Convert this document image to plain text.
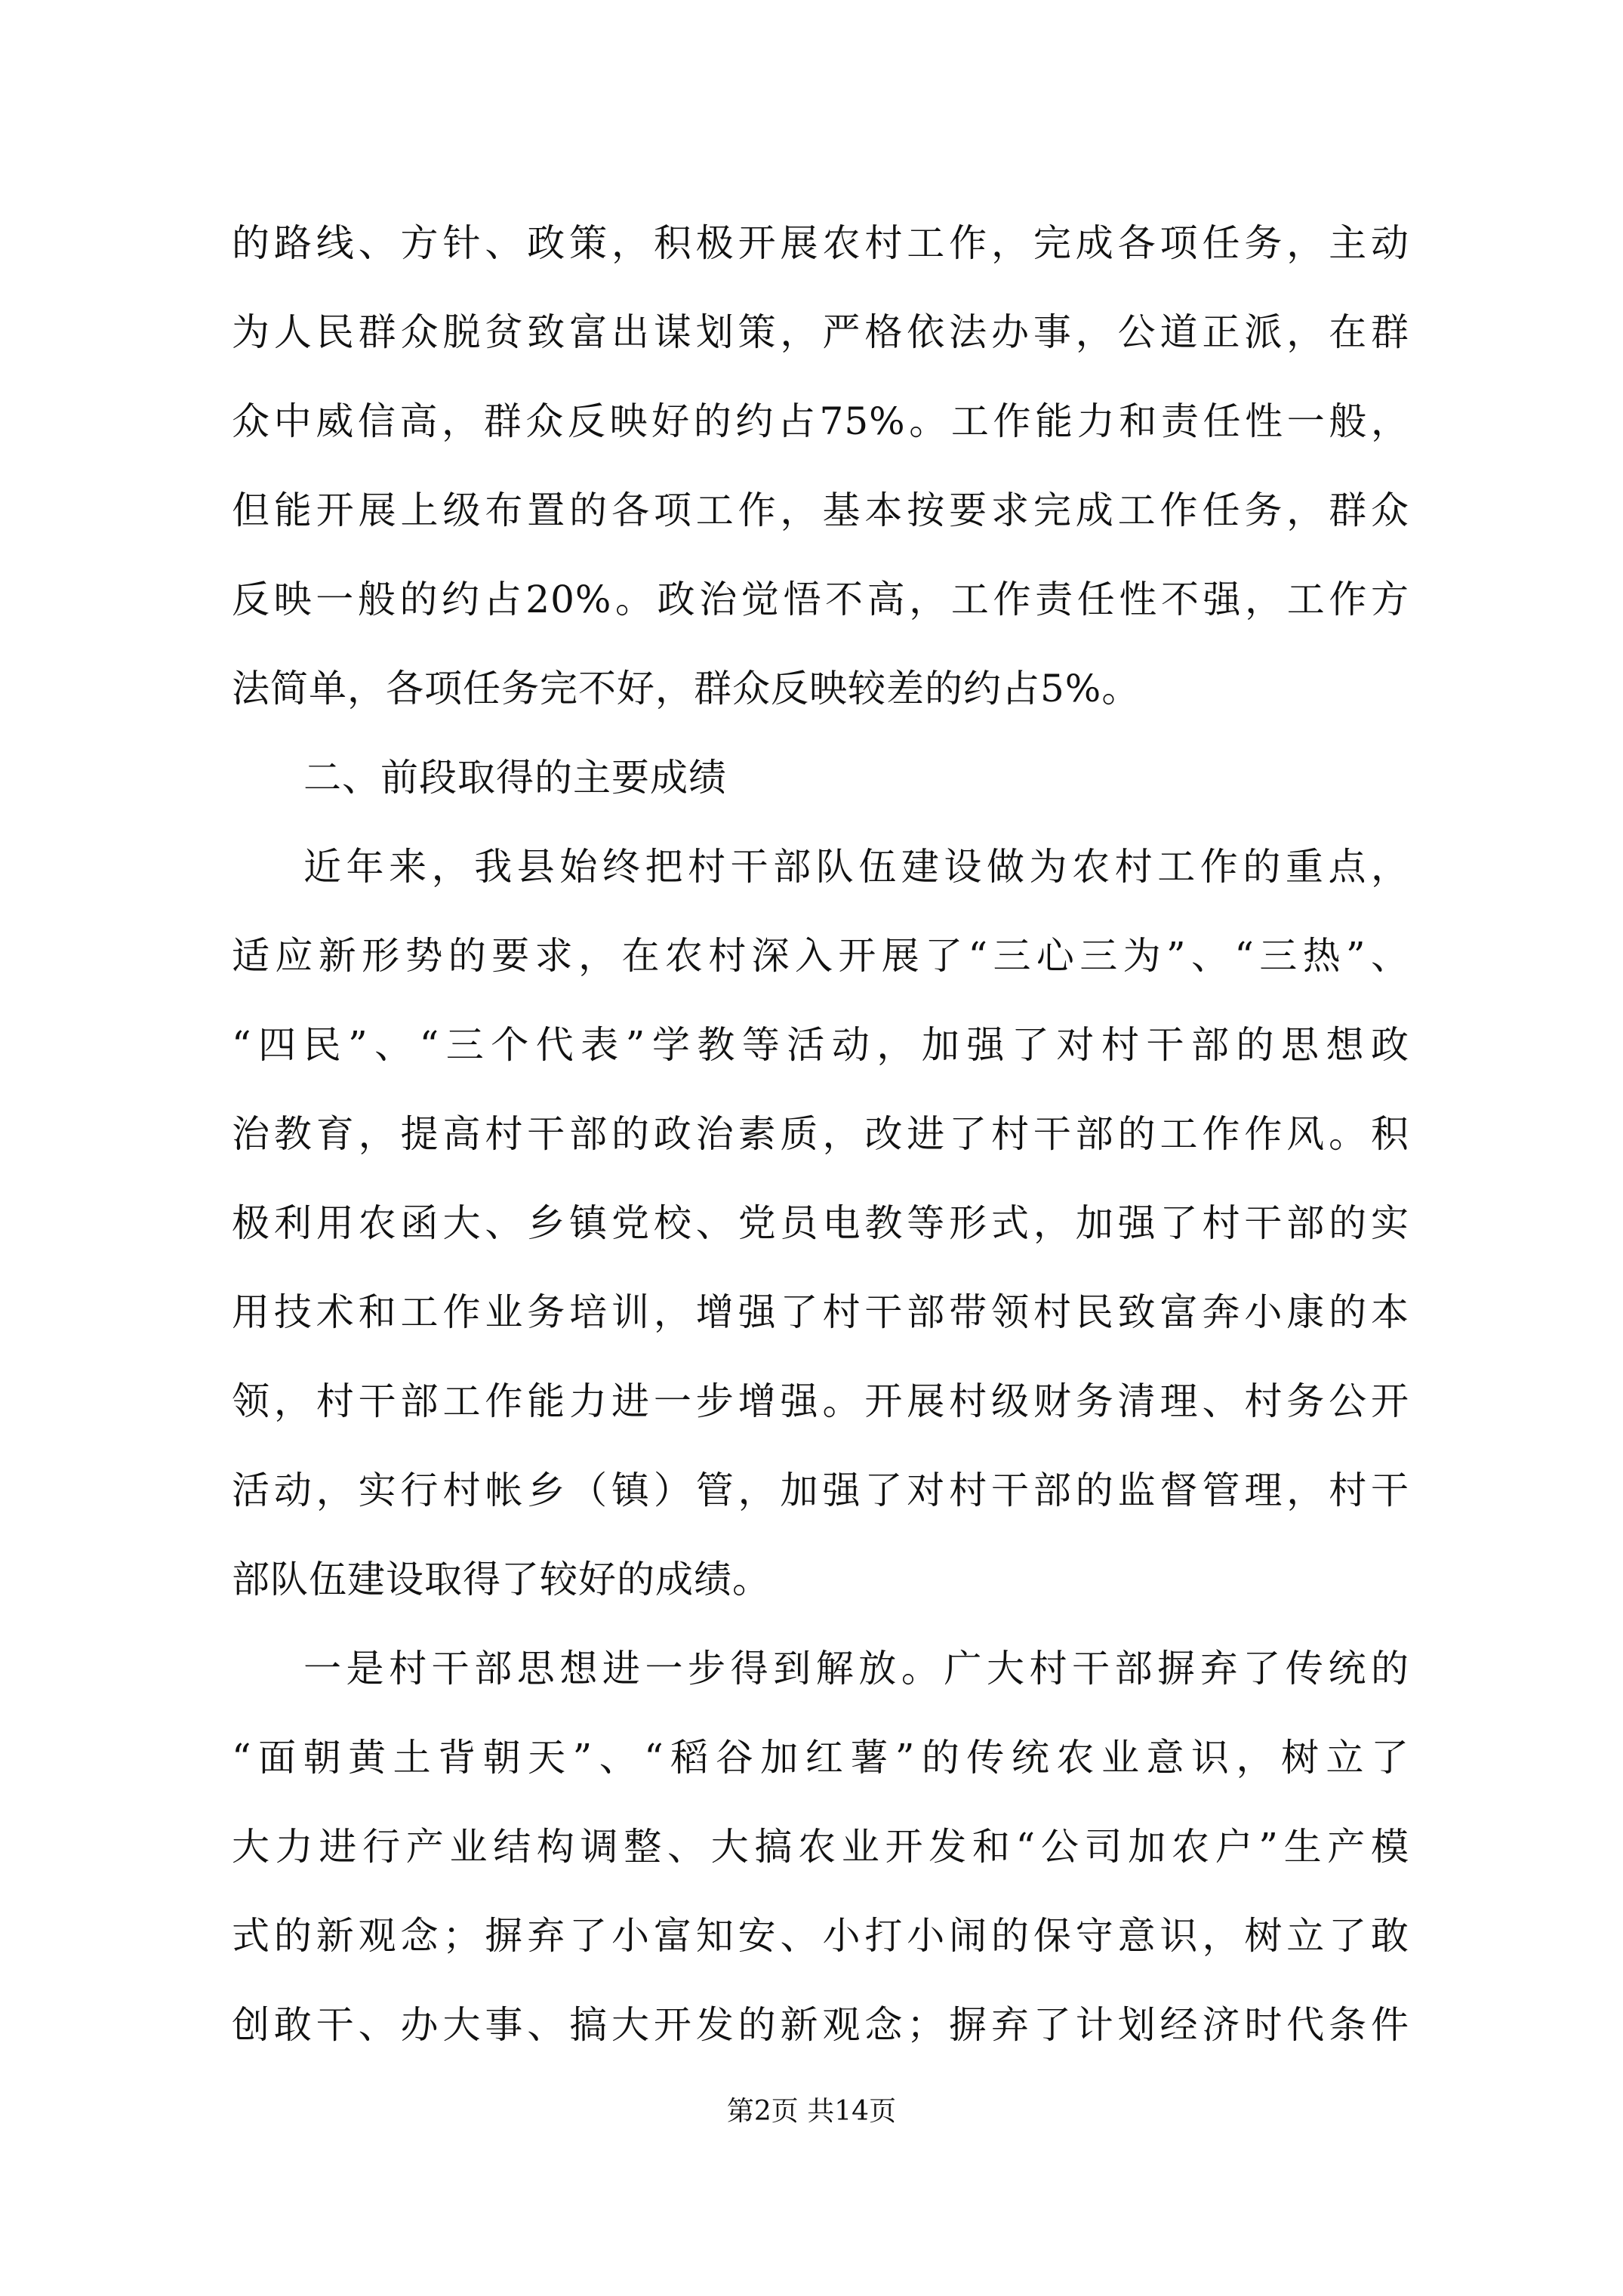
的路线、方针、政策，积极开展农村工作，完成各项任务，主动
为人民群众脱贫致富出谋划策，严格依法办事，公道正派，在群
众中威信高，群众反映好的约占75%。工作能力和责任性一般，
但能开展上级布置的各项工作，基本按要求完成工作任务，群众
反映一般的约占20%。政治觉悟不高，工作责任性不强，工作方
法简单，各项任务完不好，群众反映较差的约占5%。
二、前段取得的主要成绩
近年来，我县始终把村干部队伍建设做为农村工作的重点，
适应新形势的要求，在农村深入开展了“三心三为”、“三热”、
“四民”、“三个代表”学教等活动，加强了对村干部的思想政
治教育，提高村干部的政治素质，改进了村干部的工作作风。积
极利用农函大、乡镇党校、党员电教等形式，加强了村干部的实
用技术和工作业务培训，增强了村干部带领村民致富奔小康的本
领，村干部工作能力进一步增强。开展村级财务清理、村务公开
活动，实行村帐乡（镇）管，加强了对村干部的监督管理，村干
部队伍建设取得了较好的成绩。
一是村干部思想进一步得到解放。广大村干部摒弃了传统的
“面朝黄土背朝天”、“稻谷加红薯”的传统农业意识，树立了
大力进行产业结构调整、大搞农业开发和“公司加农户”生产模
式的新观念；摒弃了小富知安、小打小闹的保守意识，树立了敢
创敢干、办大事、搞大开发的新观念；摒弃了计划经济时代条件
第2页 共14页
